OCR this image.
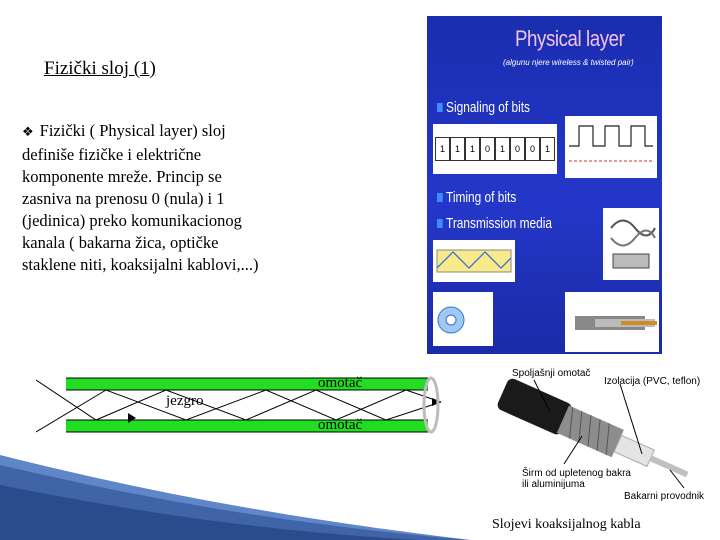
Fizički sloj (1)
❖ Fizički ( Physical layer) sloj definiše fizičke i električne komponente mreže. Princip se zasniva na prenosu 0 (nula) i 1 (jedinica) preko komunikacionog kanala ( bakarna žica, optičke staklene niti, koaksijalni kablovi,...)
Physical layer
(algunu njere wireless & twisted pair)
Signaling of bits
1	1	1	0	1	0	0	1
Timing of bits
Transmission media
omotač
jezgro
omotač
Spoljašnji omotač
Izolacija (PVC, teflon)
Širm od upletenog bakra ili aluminijuma
Bakarni provodnik
Slojevi koaksijalnog kabla
